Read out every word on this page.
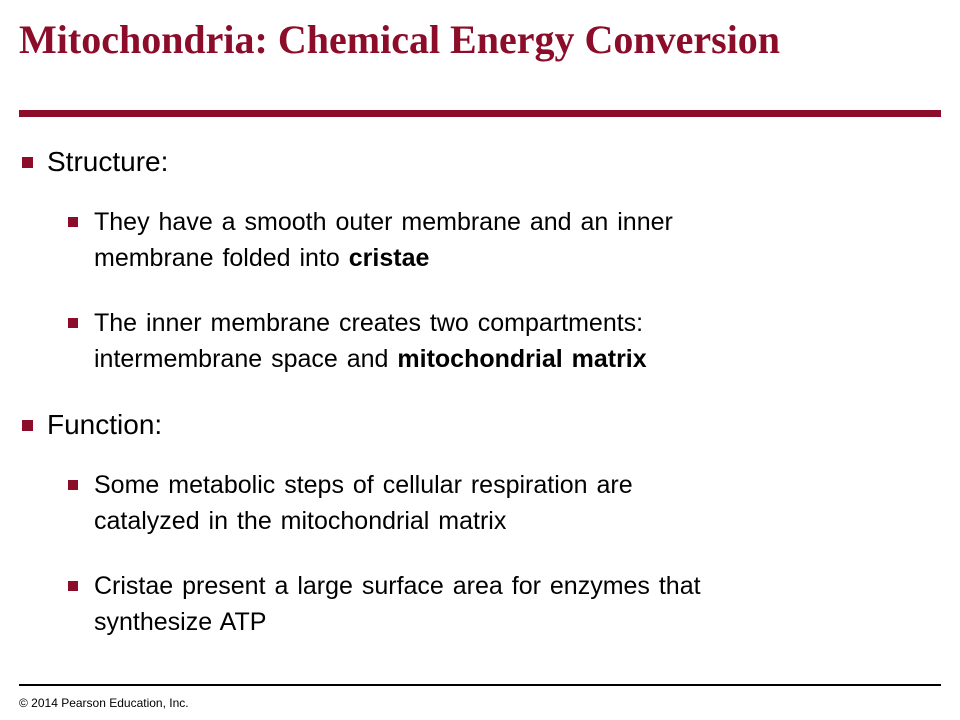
Mitochondria: Chemical Energy Conversion
Structure:
They have a smooth outer membrane and an inner
membrane folded into cristae
The inner membrane creates two compartments:
intermembrane space and mitochondrial matrix
Function:
Some metabolic steps of cellular respiration are
catalyzed in the mitochondrial matrix
Cristae present a large surface area for enzymes that
synthesize ATP
© 2014 Pearson Education, Inc.
